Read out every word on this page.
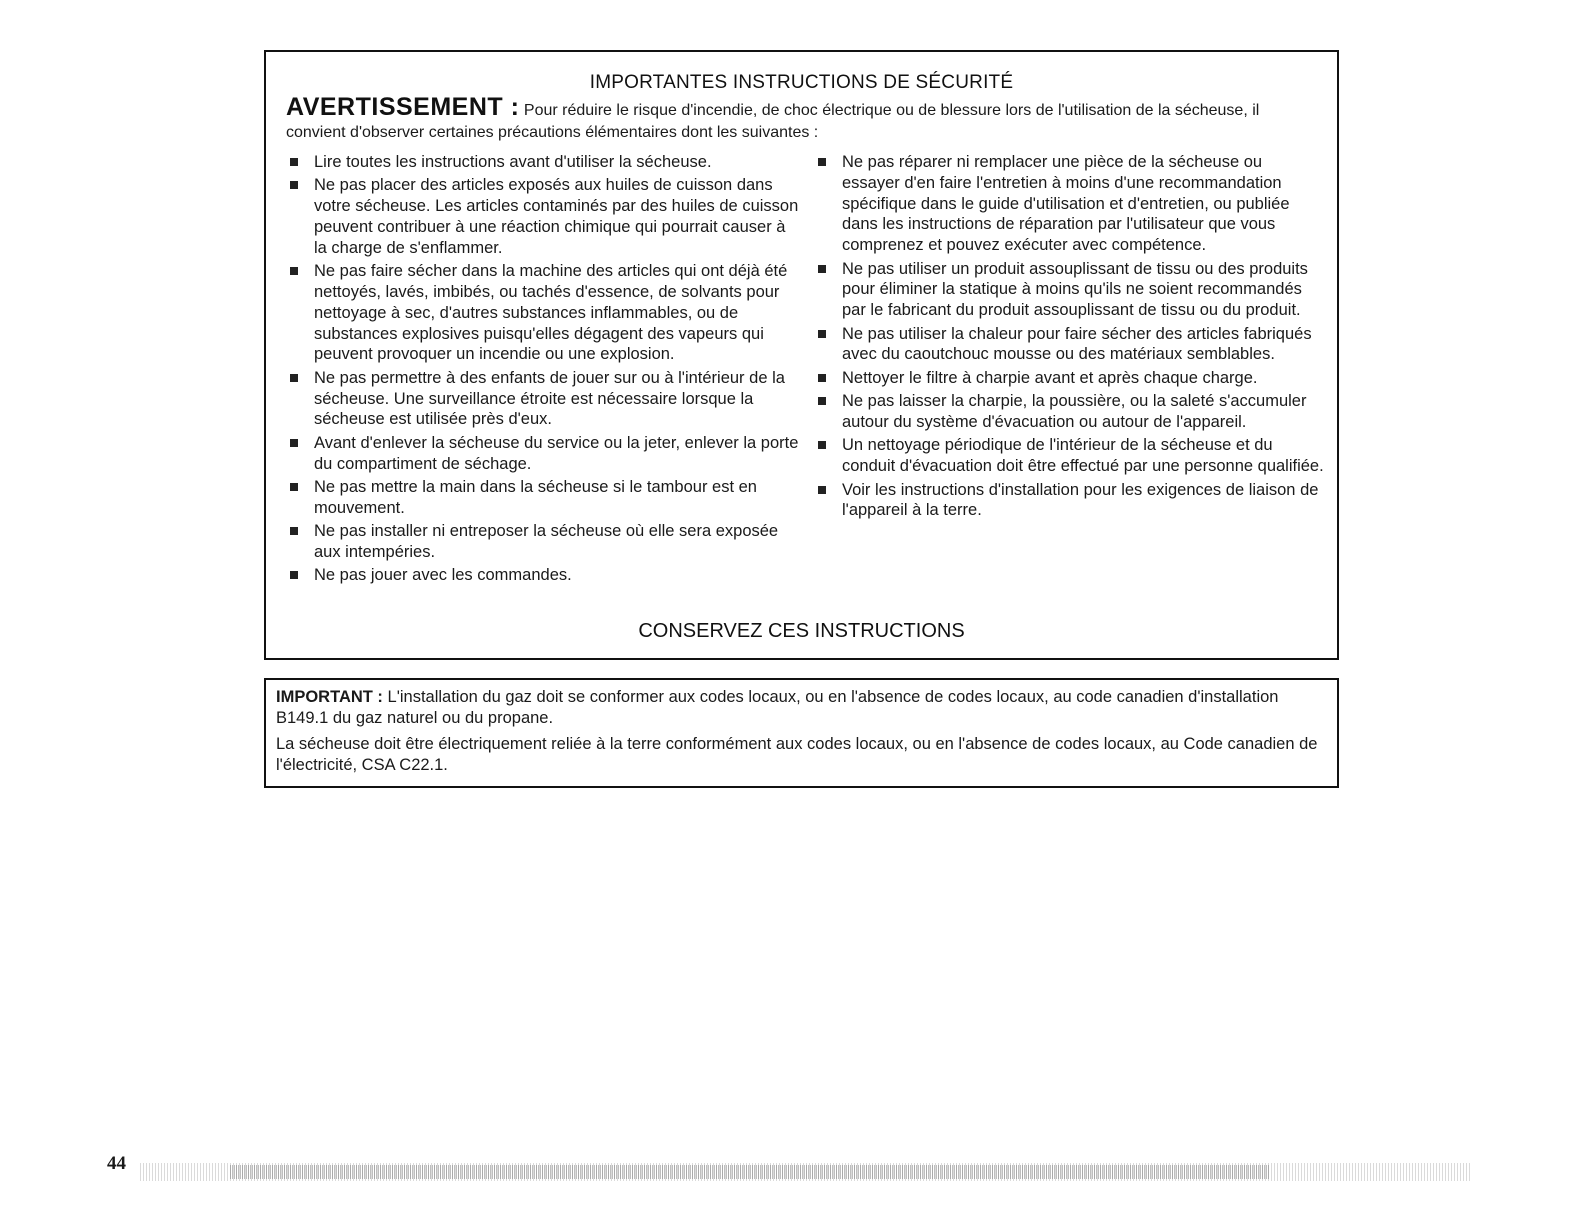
IMPORTANTES INSTRUCTIONS DE SÉCURITÉ
AVERTISSEMENT : Pour réduire le risque d'incendie, de choc électrique ou de blessure lors de l'utilisation de la sécheuse, il convient d'observer certaines précautions élémentaires dont les suivantes :
Lire toutes les instructions avant d'utiliser la sécheuse.
Ne pas placer des articles exposés aux huiles de cuisson dans votre sécheuse. Les articles contaminés par des huiles de cuisson peuvent contribuer à une réaction chimique qui pourrait causer à la charge de s'enflammer.
Ne pas faire sécher dans la machine des articles qui ont déjà été nettoyés, lavés, imbibés, ou tachés d'essence, de solvants pour nettoyage à sec, d'autres substances inflammables, ou de substances explosives puisqu'elles dégagent des vapeurs qui peuvent provoquer un incendie ou une explosion.
Ne pas permettre à des enfants de jouer sur ou à l'intérieur de la sécheuse. Une surveillance étroite est nécessaire lorsque la sécheuse est utilisée près d'eux.
Avant d'enlever la sécheuse du service ou la jeter, enlever la porte du compartiment de séchage.
Ne pas mettre la main dans la sécheuse si le tambour est en mouvement.
Ne pas installer ni entreposer la sécheuse où elle sera exposée aux intempéries.
Ne pas jouer avec les commandes.
Ne pas réparer ni remplacer une pièce de la sécheuse ou essayer d'en faire l'entretien à moins d'une recommandation spécifique dans le guide d'utilisation et d'entretien, ou publiée dans les instructions de réparation par l'utilisateur que vous comprenez et pouvez exécuter avec compétence.
Ne pas utiliser un produit assouplissant de tissu ou des produits pour éliminer la statique à moins qu'ils ne soient recommandés par le fabricant du produit assouplissant de tissu ou du produit.
Ne pas utiliser la chaleur pour faire sécher des articles fabriqués avec du caoutchouc mousse ou des matériaux semblables.
Nettoyer le filtre à charpie avant et après chaque charge.
Ne pas laisser la charpie, la poussière, ou la saleté s'accumuler autour du système d'évacuation ou autour de l'appareil.
Un nettoyage périodique de l'intérieur de la sécheuse et du conduit d'évacuation doit être effectué par une personne qualifiée.
Voir les instructions d'installation pour les exigences de liaison de l'appareil à la terre.
CONSERVEZ CES INSTRUCTIONS

IMPORTANT : L'installation du gaz doit se conformer aux codes locaux, ou en l'absence de codes locaux, au code canadien d'installation B149.1 du gaz naturel ou du propane.

La sécheuse doit être électriquement reliée à la terre conformément aux codes locaux, ou en l'absence de codes locaux, au Code canadien de l'électricité, CSA C22.1.

44
